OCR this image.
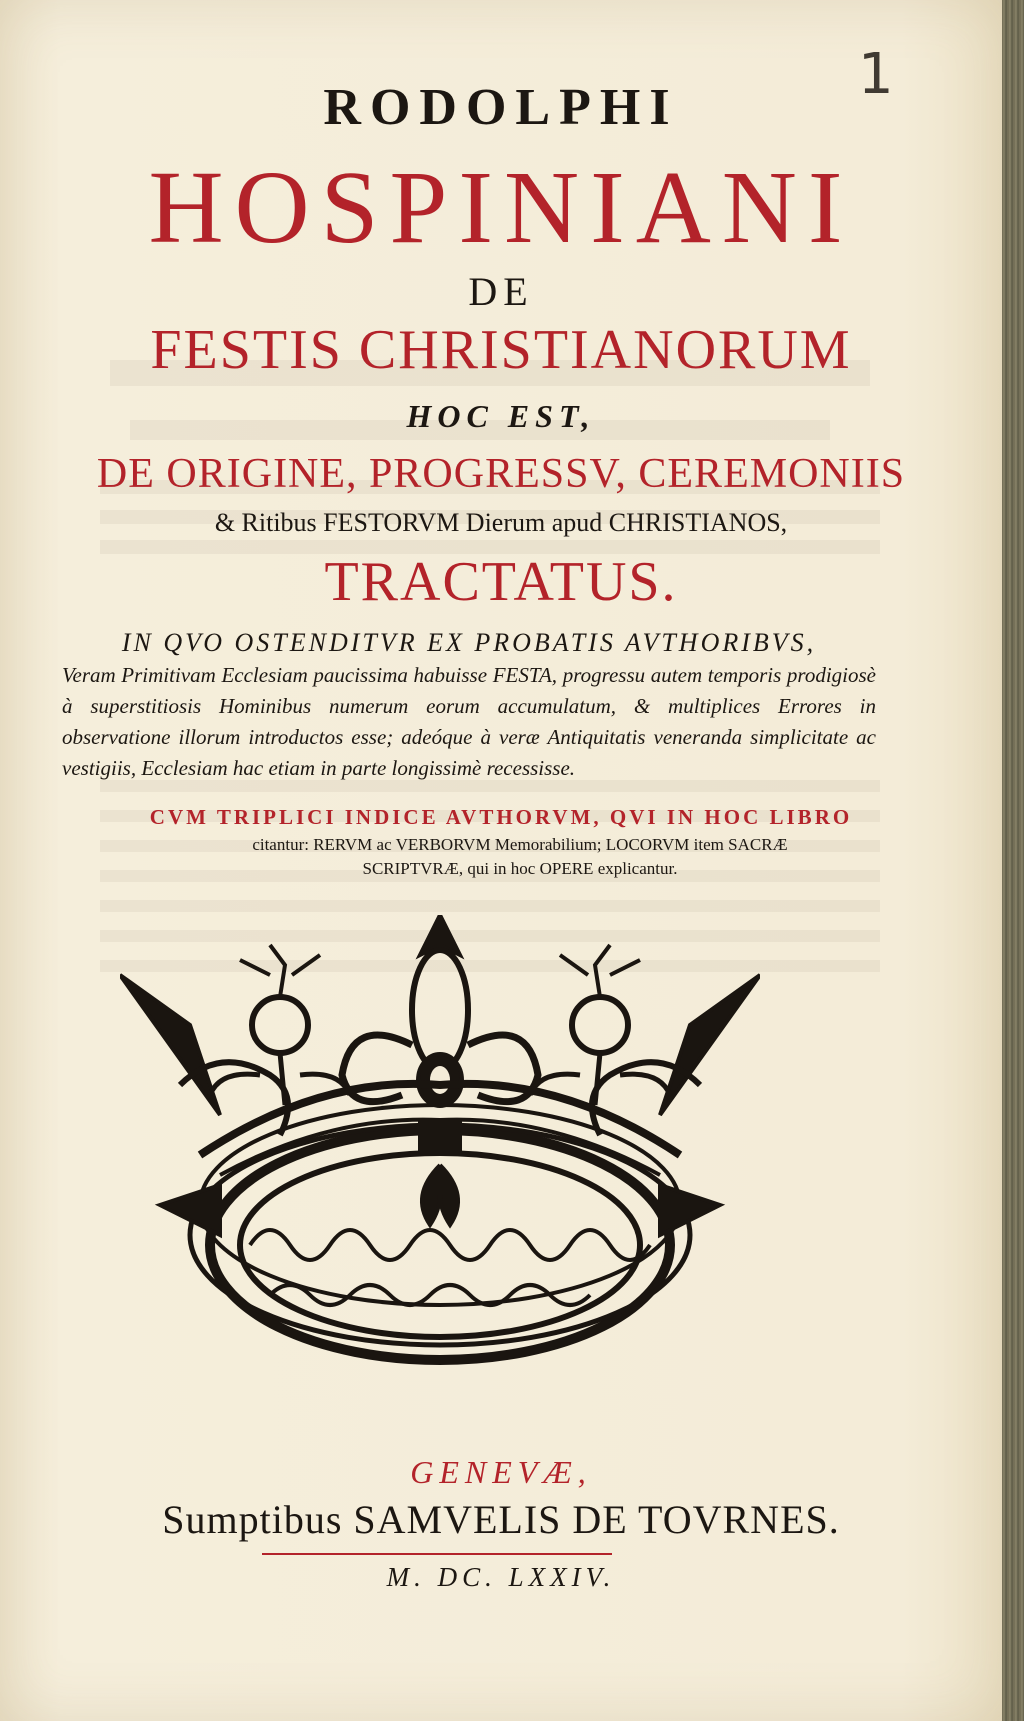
1
RODOLPHI
HOSPINIANI
DE
FESTIS CHRISTIANORUM
HOC EST,
DE ORIGINE, PROGRESSV, CEREMONIIS
& Ritibus FESTORVM Dierum apud CHRISTIANOS,
TRACTATUS.
IN QVO OSTENDITVR EX PROBATIS AVTHORIBVS,
Veram Primitivam Ecclesiam paucissima habuisse FESTA, progressu autem temporis prodigiosè à superstitiosis Hominibus numerum eorum accumulatum, & multiplices Errores in observatione illorum introductos esse; adeóque à veræ Antiquitatis veneranda simplicitate ac vestigiis, Ecclesiam hac etiam in parte longissimè recessisse.
CVM TRIPLICI INDICE AVTHORVM, QVI IN HOC LIBRO
citantur: RERVM ac VERBORVM Memorabilium; LOCORVM item SACRÆ SCRIPTVRÆ, qui in hoc OPERE explicantur.
GENEVÆ,
Sumptibus SAMVELIS DE TOVRNES.
M. DC. LXXIV.
